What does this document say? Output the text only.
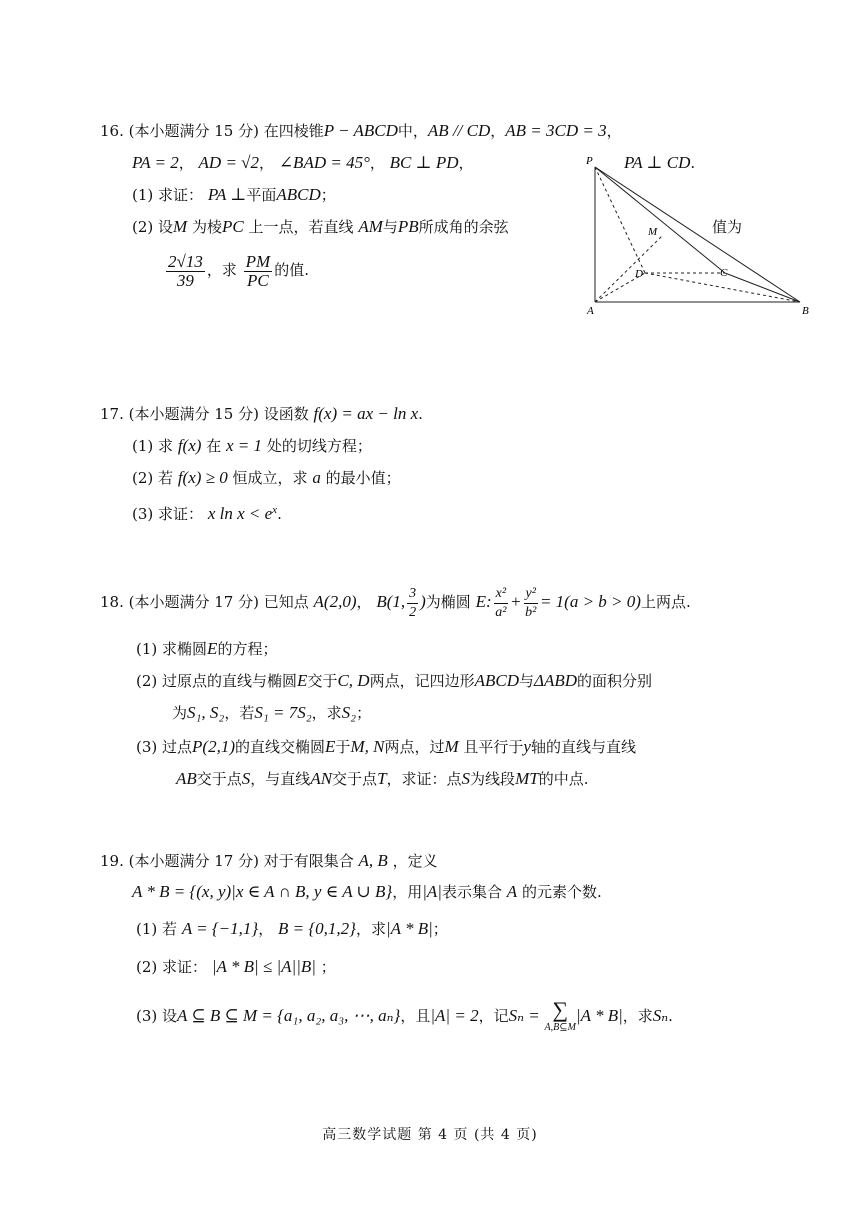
16. (本小题满分 15 分) 在四棱锥P − ABCD中，AB // CD，AB = 3CD = 3，
PA = 2， AD = √2， ∠BAD = 45°， BC ⊥ PD，	PA ⊥ CD.
(1) 求证： PA ⊥平面ABCD；
(2) 设M 为棱PC 上一点，若直线 AM与PB所成角的余弦	值为
$\frac{2√13}{39}$ ，求 $\frac{PM}{PC}$ 的值.
P
M
D	C
A	B
17. (本小题满分 15 分) 设函数 f(x) = ax − ln x.
(1) 求 f(x) 在 x = 1 处的切线方程；
(2) 若 f(x) ≥ 0 恒成立，求 a 的最小值；
(3) 求证： x $\ln x < e^x$.
18. (本小题满分 17 分) 已知点 A(2,0)， B(1, $\frac{3}{2}$ )为椭圆 E: $\frac{\text{x²}}{\text{a²}} + \frac{\text{y²}}{\text{b²}} = 1(a > b > 0)$上两点.
(1) 求椭圆E的方程；
(2) 过原点的直线与椭圆E交于C, D两点，记四边形ABCD与ΔABD的面积分别
为S₁, S₂，若S₁ = 7S₂，求S₂；
(3) 过点P(2,1)的直线交椭圆E于M, N两点，过M 且平行于y轴的直线与直线
AB交于点S，与直线AN交于点T，求证：点S为线段MT的中点.
19. (本小题满分 17 分) 对于有限集合 A, B ，定义
A * B = {(x, y)|x ∈ A ∩ B, y ∈ A ∪ B}，用|A|表示集合 A 的元素个数.
(1) 若 A = {−1,1}， B = {0,1,2}，求|A * B|；
(2) 求证： |A * B| ≤ |A||B| ；
(3) 设A ⊆ B ⊆ M = {a₁, a₂, a₃, ⋯, aₙ}，且|A| = 2，记Sₙ = ∑
A,B⊆M
|A * B|，求Sₙ.
高三数学试题 第 4 页 (共 4 页)
